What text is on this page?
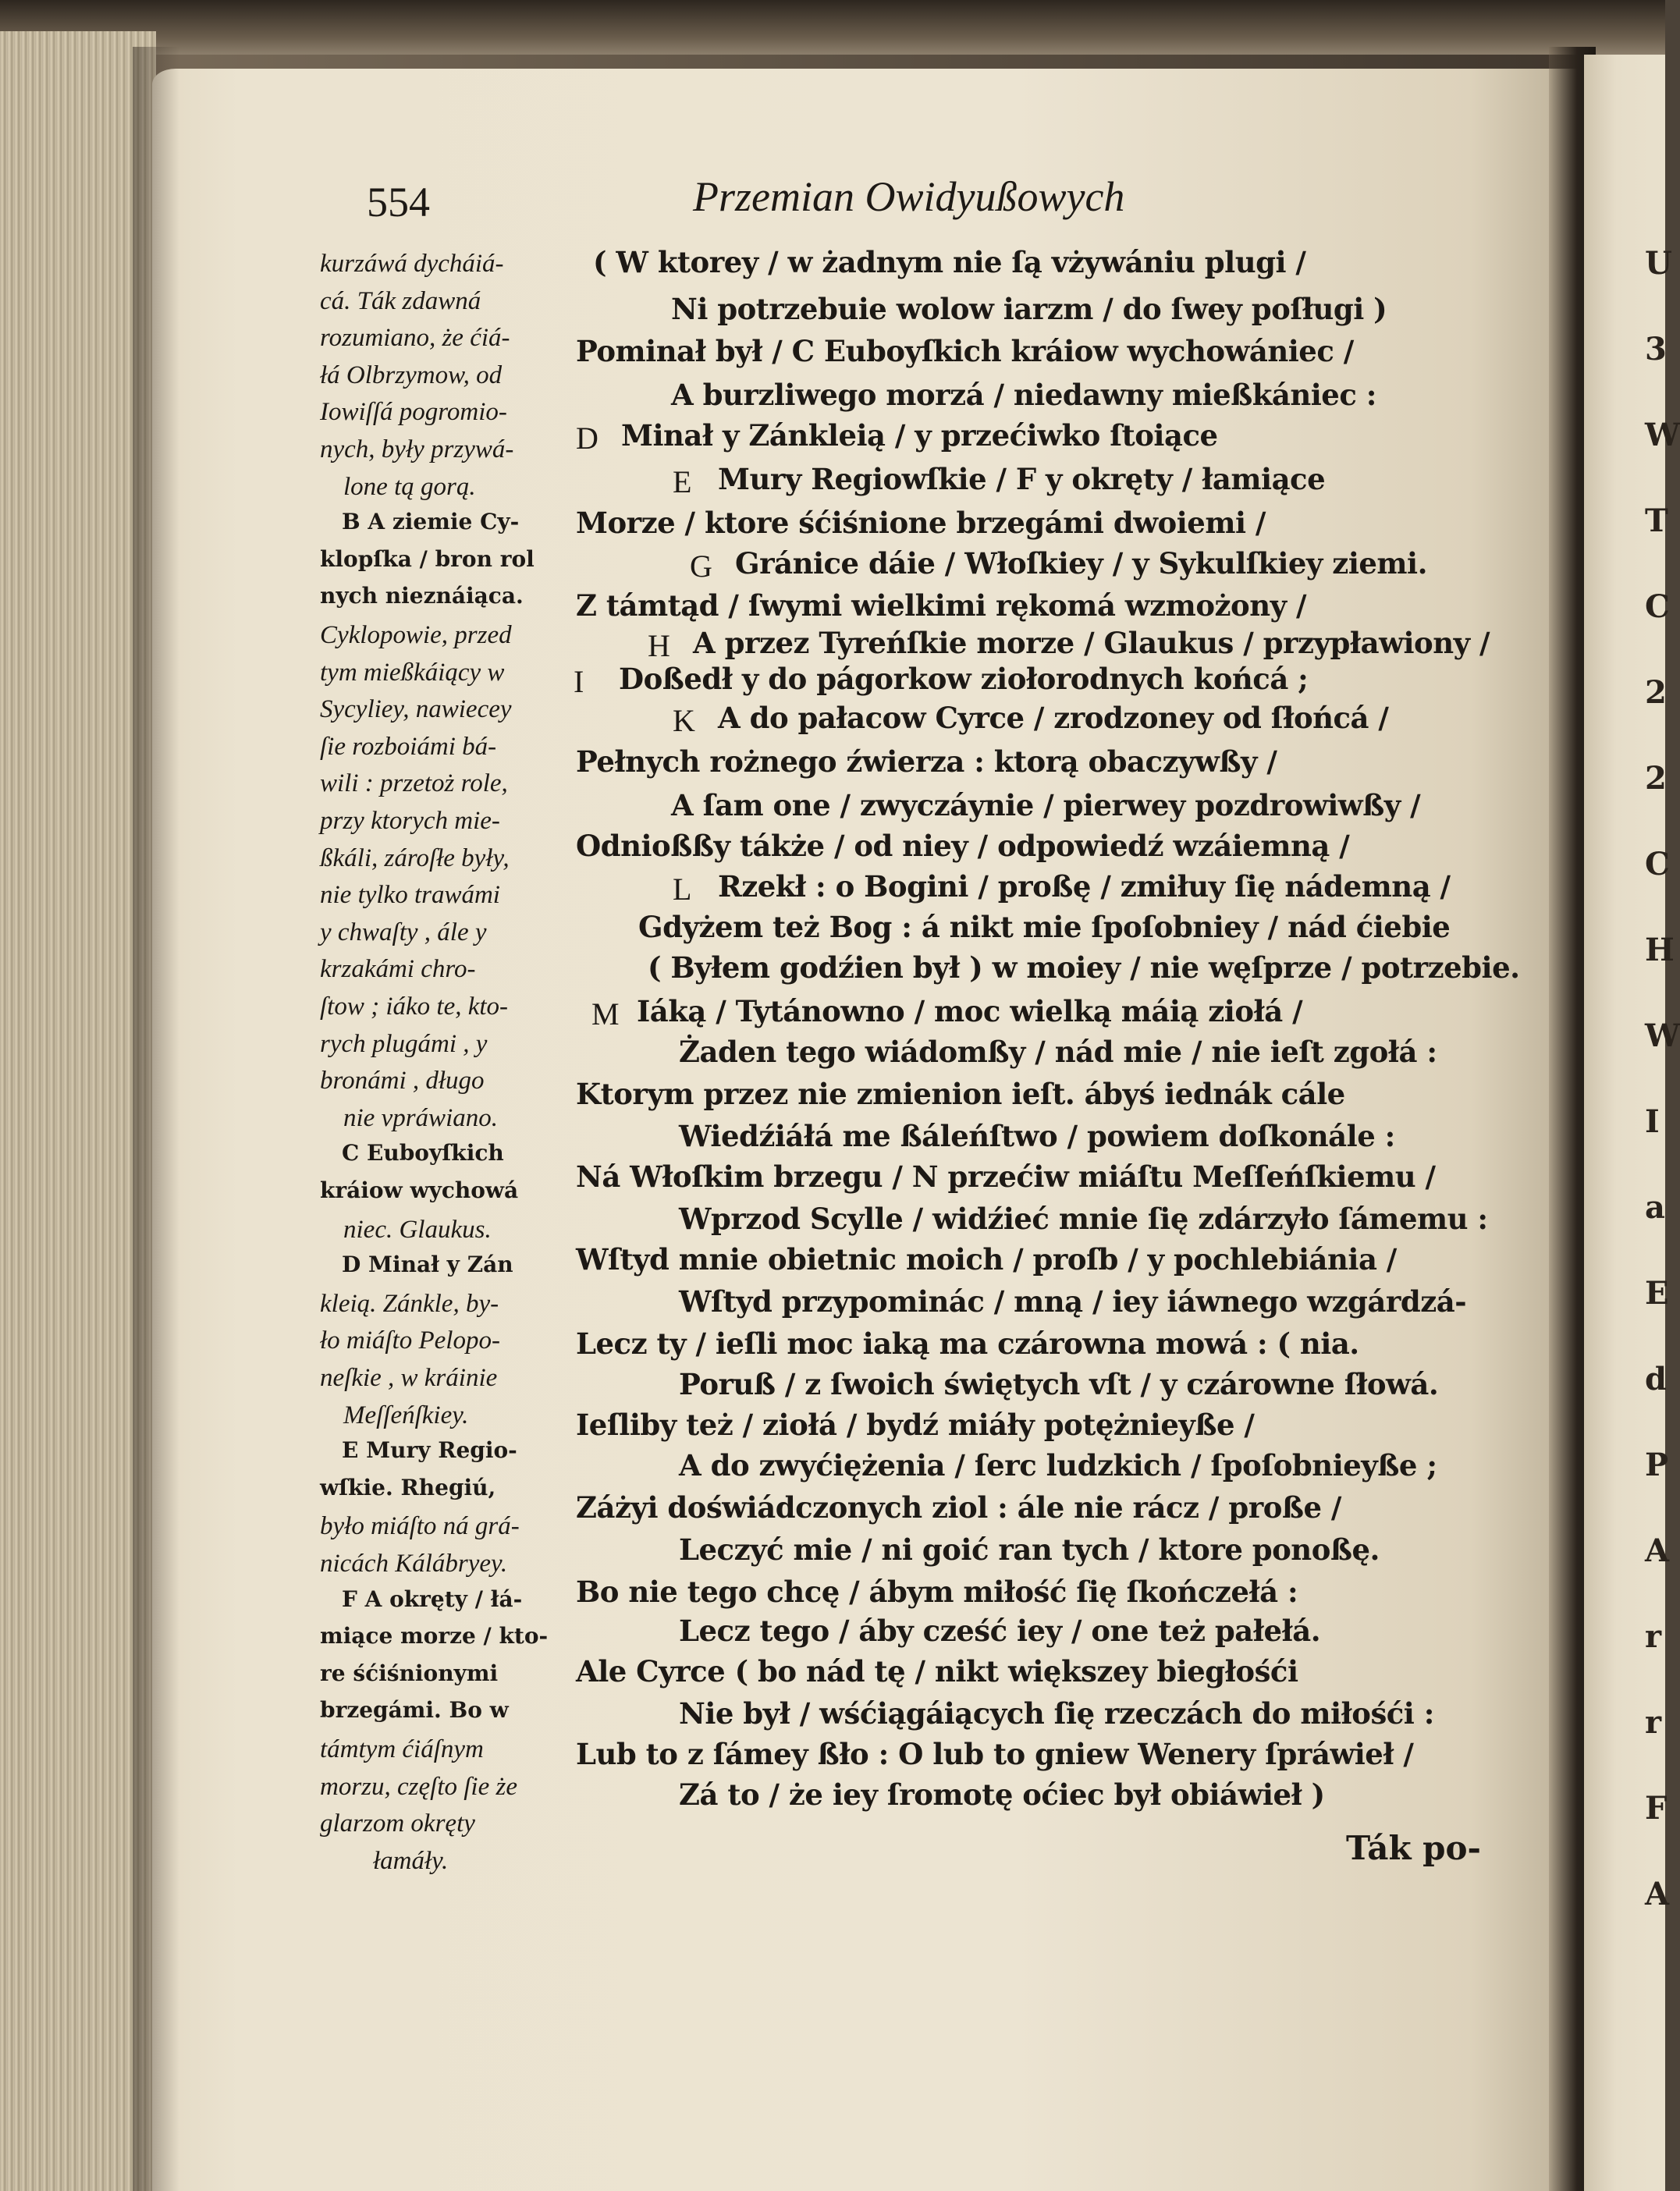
554	Przemian Owidyußowych
kurzáwá dycháiá-
cá. Ták zdawná
rozumiano, że ćiá-
łá Olbrzymow, od
Iowiſſá pogromio-
nych, były przywá-
lone tą gorą.
B A ziemie Cy-
klopſka / bron rol
nych nieznáiąca.
Cyklopowie, przed
tym mießkáiący w
Sycyliey, nawiecey
ſie rozboiámi bá-
wili : przetoż role,
przy ktorych mie-
ßkáli, zároſłe były,
nie tylko trawámi
y chwaſty , ále y
krzakámi chro-
ſtow ; iáko te, kto-
rych plugámi , y
bronámi , długo
nie vpráwiano.
C Euboyſkich
kráiow wychowá
niec. Glaukus.
D Minał y Zán
kleią. Zánkle, by-
ło miáſto Pelopo-
neſkie , w kráinie
Meſſeńſkiey.
E Mury Regio-
wſkie. Rhegiú,
było miáſto ná grá-
nicách Kálábryey.
F A okręty / łá-
miące morze / kto-
re śćiśnionymi
brzegámi. Bo w
támtym ćiáſnym
morzu, częſto ſie że
glarzom okręty
łamáły.
( W ktorey / w żadnym nie ſą vżywániu plugi /
Ni potrzebuie wolow iarzm / do ſwey poſługi )
Pominał był / C Euboyſkich kráiow wychowániec /
A burzliwego morzá / niedawny mießkániec :
D Minał y Zánkleią / y przećiwko ſtoiące
E Mury Regiowſkie / F y okręty / łamiące
Morze / ktore śćiśnione brzegámi dwoiemi /
G Gránice dáie / Włoſkiey / y Sykulſkiey ziemi.
Z támtąd / ſwymi wielkimi rękomá wzmożony /
H A przez Tyreńſkie morze / Glaukus / przypławiony /
I Doßedł y do págorkow ziołorodnych końcá ;
K A do pałacow Cyrce / zrodzoney od ſłońcá /
Pełnych rożnego źwierza : ktorą obaczywßy /
A ſam one / zwyczáynie / pierwey pozdrowiwßy /
Odnioßßy tákże / od niey / odpowiedź wzáiemną /
L Rzekł : o Bogini / proßę / zmiłuy ſię nádemną /
Gdyżem też Bog : á nikt mie ſpoſobniey / nád ćiebie
( Byłem godźien był ) w moiey / nie węſprze / potrzebie.
M Iáką / Tytánowno / moc wielką máią ziołá /
Żaden tego wiádomßy / nád mie / nie ieſt zgołá :
Ktorym przez nie zmienion ieſt. ábyś iednák cále
Wiedźiáłá me ßáleńſtwo / powiem doſkonále :
Ná Włoſkim brzegu / N przećiw miáſtu Meſſeńſkiemu /
Wprzod Scylle / widźieć mnie ſię zdárzyło ſámemu :
Wſtyd mnie obietnic moich / proſb / y pochlebiánia /
Wſtyd przypominác / mną / iey iáwnego wzgárdzá-
Lecz ty / ieſli moc iaką ma czárowna mowá : ( nia.
Poruß / z ſwoich świętych vſt / y czárowne ſłowá.
Ieſliby też / ziołá / bydź miáły potężnieyße /
A do zwyćiężenia / ſerc ludzkich / ſpoſobnieyße ;
Záżyi doświádczonych ziol : ále nie rácz / proße /
Leczyć mie / ni goić ran tych / ktore ponoßę.
Bo nie tego chcę / ábym miłość ſię ſkończełá :
Lecz tego / áby cześć iey / one też pałełá.
Ale Cyrce ( bo nád tę / nikt większey biegłośći
Nie był / wśćiągáiących ſię rzeczách do miłośći :
Lub to z ſámey ßło : O lub to gniew Wenery ſpráwieł /
Zá to / że iey ſromotę oćiec był obiáwieł )
U
3
W
T
C
2
2
C
H
W
I
a
E
d
P
A
r
r
F
A
Ták po-
